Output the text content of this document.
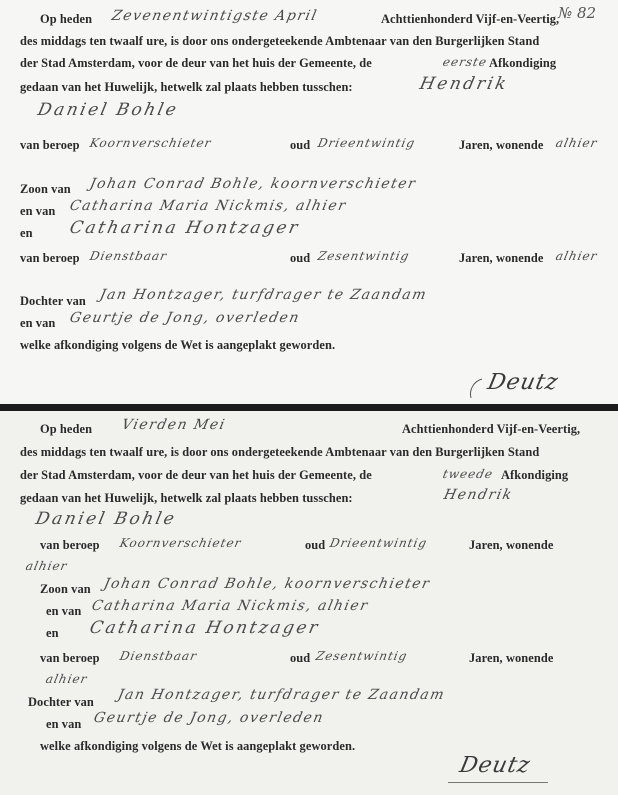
№ 82
Op heden Zevenentwintigste April	Achttienhonderd Vijf-en-Veertig,
des middags ten twaalf ure, is door ons ondergeteekende Ambtenaar van den Burgerlijken Stand
der Stad Amsterdam, voor de deur van het huis der Gemeente, de	eerste Afkondiging
gedaan van het Huwelijk, hetwelk zal plaats hebben tusschen:	Hendrik
Daniel Bohle
van beroep Koornverschieter	oud Drieentwintig	Jaren, wonende alhier
Zoon van Johan Conrad Bohle, koornverschieter
en van Catharina Maria Nickmis, alhier
en Catharina Hontzager
van beroep Dienstbaar	oud Zesentwintig	Jaren, wonende alhier
Dochter van Jan Hontzager, turfdrager te Zaandam
en van Geurtje de Jong, overleden
welke afkondiging volgens de Wet is aangeplakt geworden.
Deutz
Op heden Vierden Mei	Achttienhonderd Vijf-en-Veertig,
des middags ten twaalf ure, is door ons ondergeteekende Ambtenaar van den Burgerlijken Stand
der Stad Amsterdam, voor de deur van het huis der Gemeente, de	tweede Afkondiging
gedaan van het Huwelijk, hetwelk zal plaats hebben tusschen:	Hendrik
Daniel Bohle
van beroep Koornverschieter	oud Drieentwintig	Jaren, wonende
alhier
Zoon van Johan Conrad Bohle, koornverschieter
en van Catharina Maria Nickmis, alhier
en Catharina Hontzager
van beroep Dienstbaar	oud Zesentwintig	Jaren, wonende
alhier
Dochter van Jan Hontzager, turfdrager te Zaandam
en van Geurtje de Jong, overleden
welke afkondiging volgens de Wet is aangeplakt geworden.
Deutz
